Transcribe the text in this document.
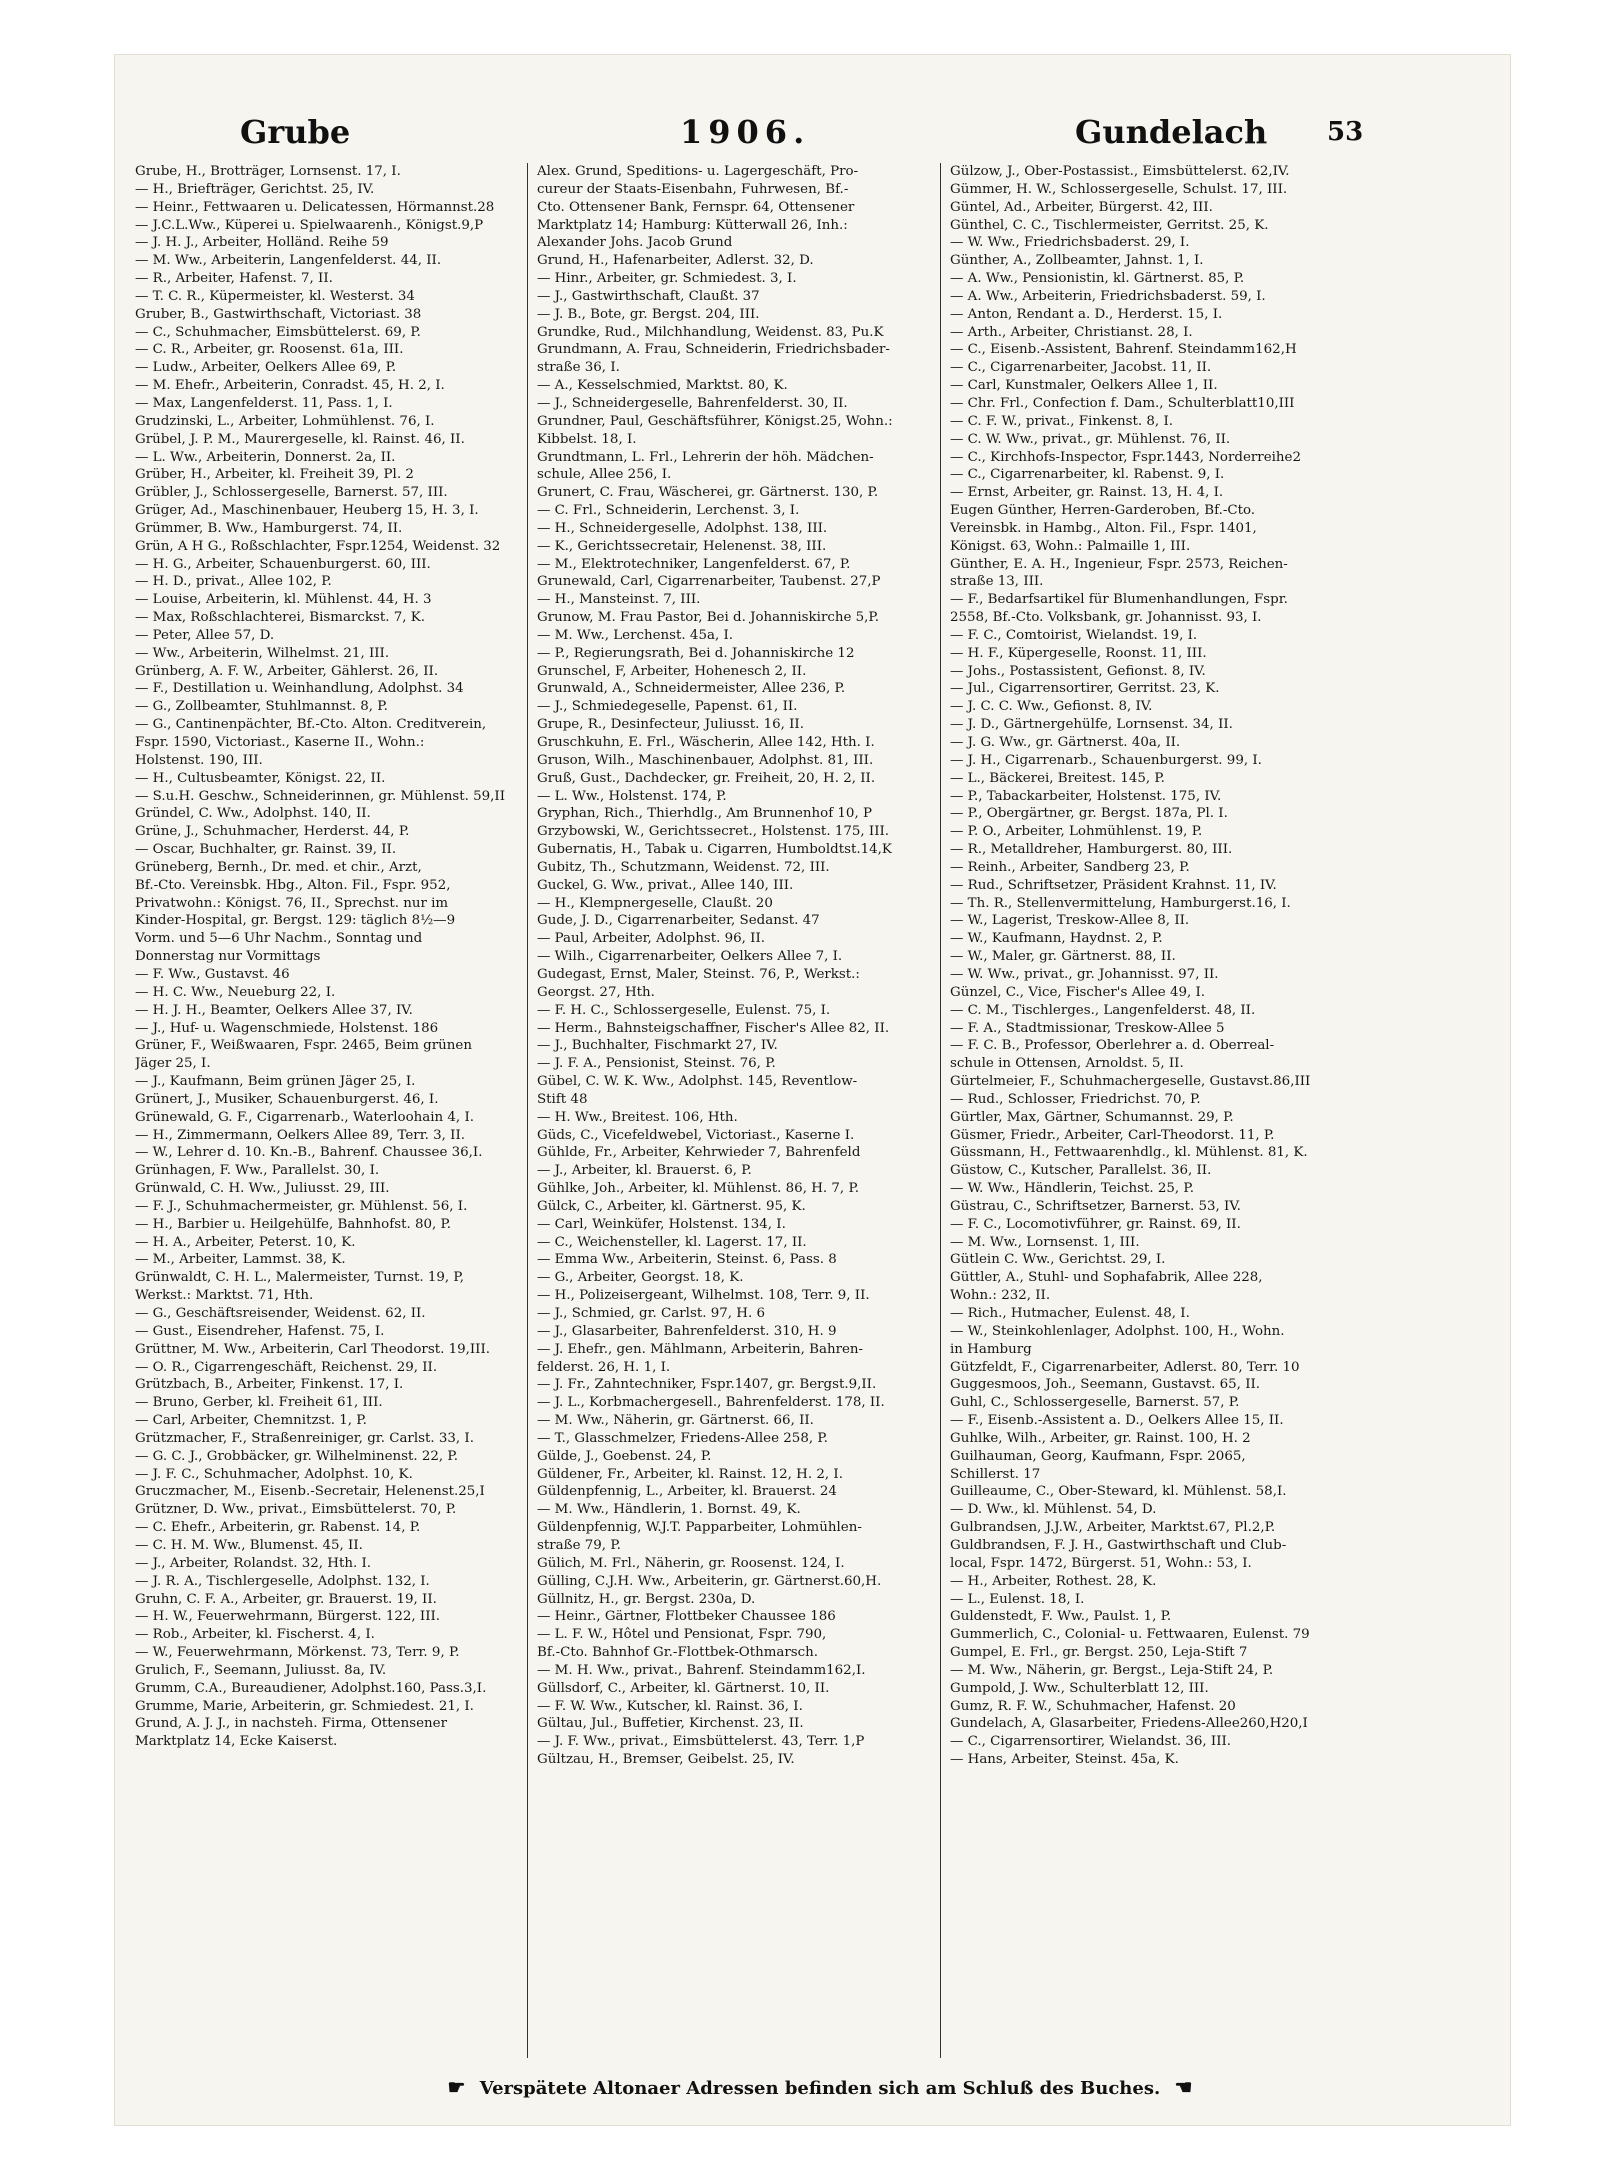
Grube	1906.	Gundelach 53
Grube, H., Brotträger, Lornsenst. 17, I.
— H., Briefträger, Gerichtst. 25, IV.
— Heinr., Fettwaaren u. Delicatessen, Hörmannst.28
— J.C.L.Ww., Küperei u. Spielwaarenh., Königst.9,P
— J. H. J., Arbeiter, Holländ. Reihe 59
— M. Ww., Arbeiterin, Langenfelderst. 44, II.
— R., Arbeiter, Hafenst. 7, II.
— T. C. R., Küpermeister, kl. Westerst. 34
Gruber, B., Gastwirthschaft, Victoriast. 38
— C., Schuhmacher, Eimsbüttelerst. 69, P.
— C. R., Arbeiter, gr. Roosenst. 61a, III.
— Ludw., Arbeiter, Oelkers Allee 69, P.
— M. Ehefr., Arbeiterin, Conradst. 45, H. 2, I.
— Max, Langenfelderst. 11, Pass. 1, I.
Grudzinski, L., Arbeiter, Lohmühlenst. 76, I.
Grübel, J. P. M., Maurergeselle, kl. Rainst. 46, II.
— L. Ww., Arbeiterin, Donnerst. 2a, II.
Grüber, H., Arbeiter, kl. Freiheit 39, Pl. 2
Grübler, J., Schlossergeselle, Barnerst. 57, III.
Grüger, Ad., Maschinenbauer, Heuberg 15, H. 3, I.
Grümmer, B. Ww., Hamburgerst. 74, II.
Grün, A H G., Roßschlachter, Fspr.1254, Weidenst. 32
— H. G., Arbeiter, Schauenburgerst. 60, III.
— H. D., privat., Allee 102, P.
— Louise, Arbeiterin, kl. Mühlenst. 44, H. 3
— Max, Roßschlachterei, Bismarckst. 7, K.
— Peter, Allee 57, D.
— Ww., Arbeiterin, Wilhelmst. 21, III.
Grünberg, A. F. W., Arbeiter, Gählerst. 26, II.
— F., Destillation u. Weinhandlung, Adolphst. 34
— G., Zollbeamter, Stuhlmannst. 8, P.
— G., Cantinenpächter, Bf.-Cto. Alton. Creditverein,
Fspr. 1590, Victoriast., Kaserne II., Wohn.:
Holstenst. 190, III.
— H., Cultusbeamter, Königst. 22, II.
— S.u.H. Geschw., Schneiderinnen, gr. Mühlenst. 59,II
Gründel, C. Ww., Adolphst. 140, II.
Grüne, J., Schuhmacher, Herderst. 44, P.
— Oscar, Buchhalter, gr. Rainst. 39, II.
Grüneberg, Bernh., Dr. med. et chir., Arzt,
Bf.-Cto. Vereinsbk. Hbg., Alton. Fil., Fspr. 952,
Privatwohn.: Königst. 76, II., Sprechst. nur im
Kinder-Hospital, gr. Bergst. 129: täglich 8½—9
Vorm. und 5—6 Uhr Nachm., Sonntag und
Donnerstag nur Vormittags
— F. Ww., Gustavst. 46
— H. C. Ww., Neueburg 22, I.
— H. J. H., Beamter, Oelkers Allee 37, IV.
— J., Huf- u. Wagenschmiede, Holstenst. 186
Grüner, F., Weißwaaren, Fspr. 2465, Beim grünen
Jäger 25, I.
— J., Kaufmann, Beim grünen Jäger 25, I.
Grünert, J., Musiker, Schauenburgerst. 46, I.
Grünewald, G. F., Cigarrenarb., Waterloohain 4, I.
— H., Zimmermann, Oelkers Allee 89, Terr. 3, II.
— W., Lehrer d. 10. Kn.-B., Bahrenf. Chaussee 36,I.
Grünhagen, F. Ww., Parallelst. 30, I.
Grünwald, C. H. Ww., Juliusst. 29, III.
— F. J., Schuhmachermeister, gr. Mühlenst. 56, I.
— H., Barbier u. Heilgehülfe, Bahnhofst. 80, P.
— H. A., Arbeiter, Peterst. 10, K.
— M., Arbeiter, Lammst. 38, K.
Grünwaldt, C. H. L., Malermeister, Turnst. 19, P,
Werkst.: Marktst. 71, Hth.
— G., Geschäftsreisender, Weidenst. 62, II.
— Gust., Eisendreher, Hafenst. 75, I.
Grüttner, M. Ww., Arbeiterin, Carl Theodorst. 19,III.
— O. R., Cigarrengeschäft, Reichenst. 29, II.
Grützbach, B., Arbeiter, Finkenst. 17, I.
— Bruno, Gerber, kl. Freiheit 61, III.
— Carl, Arbeiter, Chemnitzst. 1, P.
Grützmacher, F., Straßenreiniger, gr. Carlst. 33, I.
— G. C. J., Grobbäcker, gr. Wilhelminenst. 22, P.
— J. F. C., Schuhmacher, Adolphst. 10, K.
Gruczmacher, M., Eisenb.-Secretair, Helenenst.25,I
Grützner, D. Ww., privat., Eimsbüttelerst. 70, P.
— C. Ehefr., Arbeiterin, gr. Rabenst. 14, P.
— C. H. M. Ww., Blumenst. 45, II.
— J., Arbeiter, Rolandst. 32, Hth. I.
— J. R. A., Tischlergeselle, Adolphst. 132, I.
Gruhn, C. F. A., Arbeiter, gr. Brauerst. 19, II.
— H. W., Feuerwehrmann, Bürgerst. 122, III.
— Rob., Arbeiter, kl. Fischerst. 4, I.
— W., Feuerwehrmann, Mörkenst. 73, Terr. 9, P.
Grulich, F., Seemann, Juliusst. 8a, IV.
Grumm, C.A., Bureaudiener, Adolphst.160, Pass.3,I.
Grumme, Marie, Arbeiterin, gr. Schmiedest. 21, I.
Grund, A. J. J., in nachsteh. Firma, Ottensener
Marktplatz 14, Ecke Kaiserst.
Alex. Grund, Speditions- u. Lagergeschäft, Pro-
cureur der Staats-Eisenbahn, Fuhrwesen, Bf.-
Cto. Ottensener Bank, Fernspr. 64, Ottensener
Marktplatz 14; Hamburg: Kütterwall 26, Inh.:
Alexander Johs. Jacob Grund
Grund, H., Hafenarbeiter, Adlerst. 32, D.
— Hinr., Arbeiter, gr. Schmiedest. 3, I.
— J., Gastwirthschaft, Claußt. 37
— J. B., Bote, gr. Bergst. 204, III.
Grundke, Rud., Milchhandlung, Weidenst. 83, Pu.K
Grundmann, A. Frau, Schneiderin, Friedrichsbader-
straße 36, I.
— A., Kesselschmied, Marktst. 80, K.
— J., Schneidergeselle, Bahrenfelderst. 30, II.
Grundner, Paul, Geschäftsführer, Königst.25, Wohn.:
Kibbelst. 18, I.
Grundtmann, L. Frl., Lehrerin der höh. Mädchen-
schule, Allee 256, I.
Grunert, C. Frau, Wäscherei, gr. Gärtnerst. 130, P.
— C. Frl., Schneiderin, Lerchenst. 3, I.
— H., Schneidergeselle, Adolphst. 138, III.
— K., Gerichtssecretair, Helenenst. 38, III.
— M., Elektrotechniker, Langenfelderst. 67, P.
Grunewald, Carl, Cigarrenarbeiter, Taubenst. 27,P
— H., Mansteinst. 7, III.
Grunow, M. Frau Pastor, Bei d. Johanniskirche 5,P.
— M. Ww., Lerchenst. 45a, I.
— P., Regierungsrath, Bei d. Johanniskirche 12
Grunschel, F, Arbeiter, Hohenesch 2, II.
Grunwald, A., Schneidermeister, Allee 236, P.
— J., Schmiedegeselle, Papenst. 61, II.
Grupe, R., Desinfecteur, Juliusst. 16, II.
Gruschkuhn, E. Frl., Wäscherin, Allee 142, Hth. I.
Gruson, Wilh., Maschinenbauer, Adolphst. 81, III.
Gruß, Gust., Dachdecker, gr. Freiheit, 20, H. 2, II.
— L. Ww., Holstenst. 174, P.
Gryphan, Rich., Thierhdlg., Am Brunnenhof 10, P
Grzybowski, W., Gerichtssecret., Holstenst. 175, III.
Gubernatis, H., Tabak u. Cigarren, Humboldtst.14,K
Gubitz, Th., Schutzmann, Weidenst. 72, III.
Guckel, G. Ww., privat., Allee 140, III.
— H., Klempnergeselle, Claußt. 20
Gude, J. D., Cigarrenarbeiter, Sedanst. 47
— Paul, Arbeiter, Adolphst. 96, II.
— Wilh., Cigarrenarbeiter, Oelkers Allee 7, I.
Gudegast, Ernst, Maler, Steinst. 76, P., Werkst.:
Georgst. 27, Hth.
— F. H. C., Schlossergeselle, Eulenst. 75, I.
— Herm., Bahnsteigschaffner, Fischer's Allee 82, II.
— J., Buchhalter, Fischmarkt 27, IV.
— J. F. A., Pensionist, Steinst. 76, P.
Gübel, C. W. K. Ww., Adolphst. 145, Reventlow-
Stift 48
— H. Ww., Breitest. 106, Hth.
Güds, C., Vicefeldwebel, Victoriast., Kaserne I.
Gühlde, Fr., Arbeiter, Kehrwieder 7, Bahrenfeld
— J., Arbeiter, kl. Brauerst. 6, P.
Gühlke, Joh., Arbeiter, kl. Mühlenst. 86, H. 7, P.
Gülck, C., Arbeiter, kl. Gärtnerst. 95, K.
— Carl, Weinküfer, Holstenst. 134, I.
— C., Weichensteller, kl. Lagerst. 17, II.
— Emma Ww., Arbeiterin, Steinst. 6, Pass. 8
— G., Arbeiter, Georgst. 18, K.
— H., Polizeisergeant, Wilhelmst. 108, Terr. 9, II.
— J., Schmied, gr. Carlst. 97, H. 6
— J., Glasarbeiter, Bahrenfelderst. 310, H. 9
— J. Ehefr., gen. Mählmann, Arbeiterin, Bahren-
felderst. 26, H. 1, I.
— J. Fr., Zahntechniker, Fspr.1407, gr. Bergst.9,II.
— J. L., Korbmachergesell., Bahrenfelderst. 178, II.
— M. Ww., Näherin, gr. Gärtnerst. 66, II.
— T., Glasschmelzer, Friedens-Allee 258, P.
Gülde, J., Goebenst. 24, P.
Güldener, Fr., Arbeiter, kl. Rainst. 12, H. 2, I.
Güldenpfennig, L., Arbeiter, kl. Brauerst. 24
— M. Ww., Händlerin, 1. Bornst. 49, K.
Güldenpfennig, W.J.T. Papparbeiter, Lohmühlen-
straße 79, P.
Gülich, M. Frl., Näherin, gr. Roosenst. 124, I.
Gülling, C.J.H. Ww., Arbeiterin, gr. Gärtnerst.60,H.
Güllnitz, H., gr. Bergst. 230a, D.
— Heinr., Gärtner, Flottbeker Chaussee 186
— L. F. W., Hôtel und Pensionat, Fspr. 790,
Bf.-Cto. Bahnhof Gr.-Flottbek-Othmarsch.
— M. H. Ww., privat., Bahrenf. Steindamm162,I.
Güllsdorf, C., Arbeiter, kl. Gärtnerst. 10, II.
— F. W. Ww., Kutscher, kl. Rainst. 36, I.
Gültau, Jul., Buffetier, Kirchenst. 23, II.
— J. F. Ww., privat., Eimsbüttelerst. 43, Terr. 1,P
Gültzau, H., Bremser, Geibelst. 25, IV.
Gülzow, J., Ober-Postassist., Eimsbüttelerst. 62,IV.
Gümmer, H. W., Schlossergeselle, Schulst. 17, III.
Güntel, Ad., Arbeiter, Bürgerst. 42, III.
Günthel, C. C., Tischlermeister, Gerritst. 25, K.
— W. Ww., Friedrichsbaderst. 29, I.
Günther, A., Zollbeamter, Jahnst. 1, I.
— A. Ww., Pensionistin, kl. Gärtnerst. 85, P.
— A. Ww., Arbeiterin, Friedrichsbaderst. 59, I.
— Anton, Rendant a. D., Herderst. 15, I.
— Arth., Arbeiter, Christianst. 28, I.
— C., Eisenb.-Assistent, Bahrenf. Steindamm162,H
— C., Cigarrenarbeiter, Jacobst. 11, II.
— Carl, Kunstmaler, Oelkers Allee 1, II.
— Chr. Frl., Confection f. Dam., Schulterblatt10,III
— C. F. W., privat., Finkenst. 8, I.
— C. W. Ww., privat., gr. Mühlenst. 76, II.
— C., Kirchhofs-Inspector, Fspr.1443, Norderreihe2
— C., Cigarrenarbeiter, kl. Rabenst. 9, I.
— Ernst, Arbeiter, gr. Rainst. 13, H. 4, I.
Eugen Günther, Herren-Garderoben, Bf.-Cto.
Vereinsbk. in Hambg., Alton. Fil., Fspr. 1401,
Königst. 63, Wohn.: Palmaille 1, III.
Günther, E. A. H., Ingenieur, Fspr. 2573, Reichen-
straße 13, III.
— F., Bedarfsartikel für Blumenhandlungen, Fspr.
2558, Bf.-Cto. Volksbank, gr. Johannisst. 93, I.
— F. C., Comtoirist, Wielandst. 19, I.
— H. F., Küpergeselle, Roonst. 11, III.
— Johs., Postassistent, Gefionst. 8, IV.
— Jul., Cigarrensortirer, Gerritst. 23, K.
— J. C. C. Ww., Gefionst. 8, IV.
— J. D., Gärtnergehülfe, Lornsenst. 34, II.
— J. G. Ww., gr. Gärtnerst. 40a, II.
— J. H., Cigarrenarb., Schauenburgerst. 99, I.
— L., Bäckerei, Breitest. 145, P.
— P., Tabackarbeiter, Holstenst. 175, IV.
— P., Obergärtner, gr. Bergst. 187a, Pl. I.
— P. O., Arbeiter, Lohmühlenst. 19, P.
— R., Metalldreher, Hamburgerst. 80, III.
— Reinh., Arbeiter, Sandberg 23, P.
— Rud., Schriftsetzer, Präsident Krahnst. 11, IV.
— Th. R., Stellenvermittelung, Hamburgerst.16, I.
— W., Lagerist, Treskow-Allee 8, II.
— W., Kaufmann, Haydnst. 2, P.
— W., Maler, gr. Gärtnerst. 88, II.
— W. Ww., privat., gr. Johannisst. 97, II.
Günzel, C., Vice, Fischer's Allee 49, I.
— C. M., Tischlerges., Langenfelderst. 48, II.
— F. A., Stadtmissionar, Treskow-Allee 5
— F. C. B., Professor, Oberlehrer a. d. Oberreal-
schule in Ottensen, Arnoldst. 5, II.
Gürtelmeier, F., Schuhmachergeselle, Gustavst.86,III
— Rud., Schlosser, Friedrichst. 70, P.
Gürtler, Max, Gärtner, Schumannst. 29, P.
Güsmer, Friedr., Arbeiter, Carl-Theodorst. 11, P.
Güssmann, H., Fettwaarenhdlg., kl. Mühlenst. 81, K.
Güstow, C., Kutscher, Parallelst. 36, II.
— W. Ww., Händlerin, Teichst. 25, P.
Güstrau, C., Schriftsetzer, Barnerst. 53, IV.
— F. C., Locomotivführer, gr. Rainst. 69, II.
— M. Ww., Lornsenst. 1, III.
Gütlein C. Ww., Gerichtst. 29, I.
Güttler, A., Stuhl- und Sophafabrik, Allee 228,
Wohn.: 232, II.
— Rich., Hutmacher, Eulenst. 48, I.
— W., Steinkohlenlager, Adolphst. 100, H., Wohn.
in Hamburg
Gützfeldt, F., Cigarrenarbeiter, Adlerst. 80, Terr. 10
Guggesmoos, Joh., Seemann, Gustavst. 65, II.
Guhl, C., Schlossergeselle, Barnerst. 57, P.
— F., Eisenb.-Assistent a. D., Oelkers Allee 15, II.
Guhlke, Wilh., Arbeiter, gr. Rainst. 100, H. 2
Guilhauman, Georg, Kaufmann, Fspr. 2065,
Schillerst. 17
Guilleaume, C., Ober-Steward, kl. Mühlenst. 58,I.
— D. Ww., kl. Mühlenst. 54, D.
Gulbrandsen, J.J.W., Arbeiter, Marktst.67, Pl.2,P.
Guldbrandsen, F. J. H., Gastwirthschaft und Club-
local, Fspr. 1472, Bürgerst. 51, Wohn.: 53, I.
— H., Arbeiter, Rothest. 28, K.
— L., Eulenst. 18, I.
Guldenstedt, F. Ww., Paulst. 1, P.
Gummerlich, C., Colonial- u. Fettwaaren, Eulenst. 79
Gumpel, E. Frl., gr. Bergst. 250, Leja-Stift 7
— M. Ww., Näherin, gr. Bergst., Leja-Stift 24, P.
Gumpold, J. Ww., Schulterblatt 12, III.
Gumz, R. F. W., Schuhmacher, Hafenst. 20
Gundelach, A, Glasarbeiter, Friedens-Allee260,H20,I
— C., Cigarrensortirer, Wielandst. 36, III.
— Hans, Arbeiter, Steinst. 45a, K.
☛ Verspätete Altonaer Adressen befinden sich am Schluß des Buches. ☚
